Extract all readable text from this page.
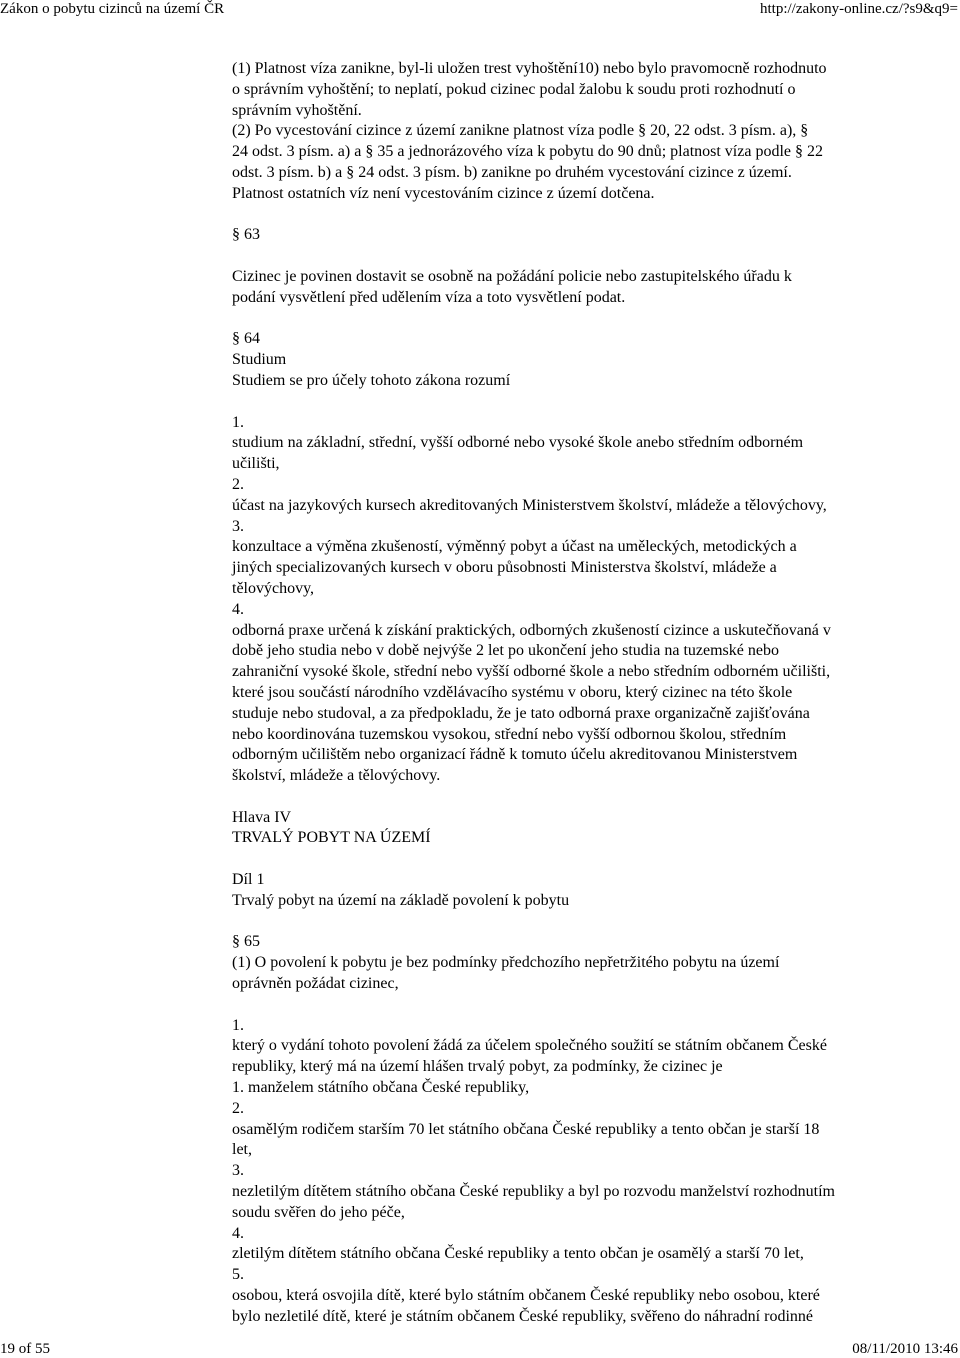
Zákon o pobytu cizinců na území ČR	http://zakony-online.cz/?s9&q9=
(1) Platnost víza zanikne, byl-li uložen trest vyhoštění10) nebo bylo pravomocně rozhodnuto
o správním vyhoštění; to neplatí, pokud cizinec podal žalobu k soudu proti rozhodnutí o
správním vyhoštění.
(2) Po vycestování cizince z území zanikne platnost víza podle § 20, 22 odst. 3 písm. a), §
24 odst. 3 písm. a) a § 35 a jednorázového víza k pobytu do 90 dnů; platnost víza podle § 22
odst. 3 písm. b) a § 24 odst. 3 písm. b) zanikne po druhém vycestování cizince z území.
Platnost ostatních víz není vycestováním cizince z území dotčena.
§ 63
Cizinec je povinen dostavit se osobně na požádání policie nebo zastupitelského úřadu k
podání vysvětlení před udělením víza a toto vysvětlení podat.
§ 64
Studium
Studiem se pro účely tohoto zákona rozumí
1.
studium na základní, střední, vyšší odborné nebo vysoké škole anebo středním odborném
učilišti,
2.
účast na jazykových kursech akreditovaných Ministerstvem školství, mládeže a tělovýchovy,
3.
konzultace a výměna zkušeností, výměnný pobyt a účast na uměleckých, metodických a
jiných specializovaných kursech v oboru působnosti Ministerstva školství, mládeže a
tělovýchovy,
4.
odborná praxe určená k získání praktických, odborných zkušeností cizince a uskutečňovaná v
době jeho studia nebo v době nejvýše 2 let po ukončení jeho studia na tuzemské nebo
zahraniční vysoké škole, střední nebo vyšší odborné škole a nebo středním odborném učilišti,
které jsou součástí národního vzdělávacího systému v oboru, který cizinec na této škole
studuje nebo studoval, a za předpokladu, že je tato odborná praxe organizačně zajišťována
nebo koordinována tuzemskou vysokou, střední nebo vyšší odbornou školou, středním
odborným učilištěm nebo organizací řádně k tomuto účelu akreditovanou Ministerstvem
školství, mládeže a tělovýchovy.
Hlava IV
TRVALÝ POBYT NA ÚZEMÍ
Díl 1
Trvalý pobyt na území na základě povolení k pobytu
§ 65
(1) O povolení k pobytu je bez podmínky předchozího nepřetržitého pobytu na území
oprávněn požádat cizinec,
1.
který o vydání tohoto povolení žádá za účelem společného soužití se státním občanem České
republiky, který má na území hlášen trvalý pobyt, za podmínky, že cizinec je
1. manželem státního občana České republiky,
2.
osamělým rodičem starším 70 let státního občana České republiky a tento občan je starší 18
let,
3.
nezletilým dítětem státního občana České republiky a byl po rozvodu manželství rozhodnutím
soudu svěřen do jeho péče,
4.
zletilým dítětem státního občana České republiky a tento občan je osamělý a starší 70 let,
5.
osobou, která osvojila dítě, které bylo státním občanem České republiky nebo osobou, které
bylo nezletilé dítě, které je státním občanem České republiky, svěřeno do náhradní rodinné
19 of 55	08/11/2010 13:46
